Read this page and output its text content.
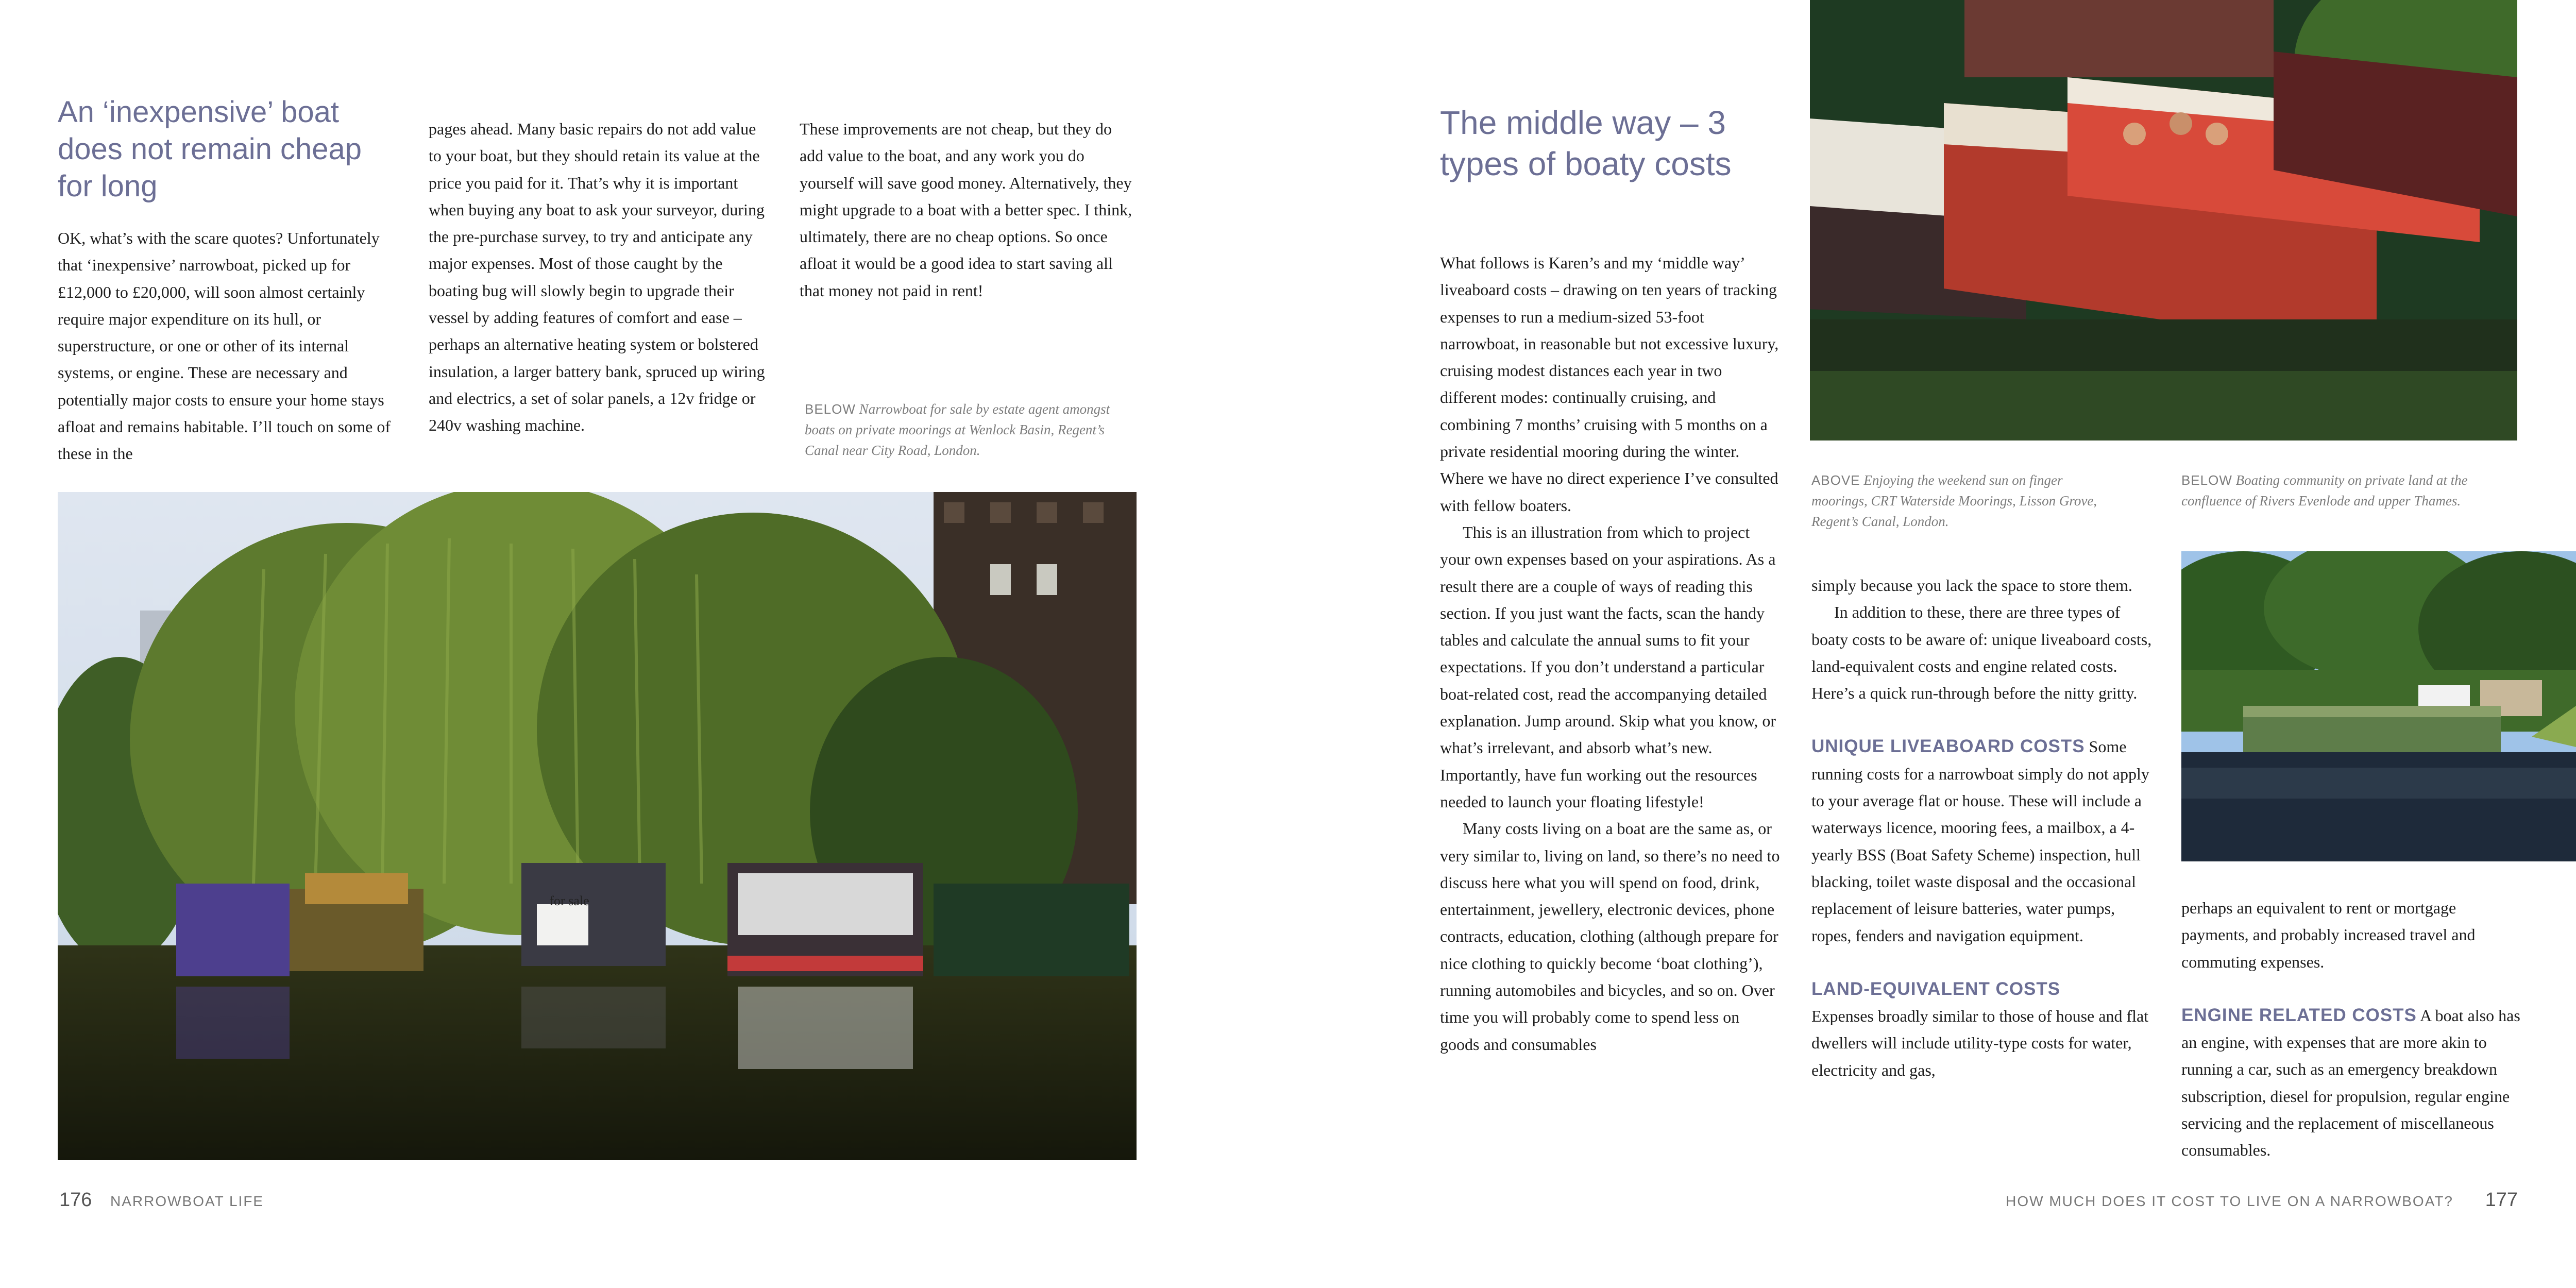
An ‘inexpensive’ boat does not remain cheap for long

OK, what’s with the scare quotes? Unfortunately that ‘inexpensive’ narrowboat, picked up for £12,000 to £20,000, will soon almost certainly require major expenditure on its hull, or superstructure, or one or other of its internal systems, or engine. These are necessary and potentially major costs to ensure your home stays afloat and remains habitable. I’ll touch on some of these in the

pages ahead. Many basic repairs do not add value to your boat, but they should retain its value at the price you paid for it. That’s why it is important when buying any boat to ask your surveyor, during the pre-purchase survey, to try and anticipate any major expenses. Most of those caught by the boating bug will slowly begin to upgrade their vessel by adding features of comfort and ease – perhaps an alternative heating system or bolstered insulation, a larger battery bank, spruced up wiring and electrics, a set of solar panels, a 12v fridge or 240v washing machine.

These improvements are not cheap, but they do add value to the boat, and any work you do yourself will save good money. Alternatively, they might upgrade to a boat with a better spec. I think, ultimately, there are no cheap options. So once afloat it would be a good idea to start saving all that money not paid in rent!

BELOW Narrowboat for sale by estate agent amongst boats on private moorings at Wenlock Basin, Regent’s Canal near City Road, London.
for sale
176 NARROWBOAT LIFE
The middle way – 3 types of boaty costs

What follows is Karen’s and my ‘middle way’ liveaboard costs – drawing on ten years of tracking expenses to run a medium-sized 53-foot narrowboat, in reasonable but not excessive luxury, cruising modest distances each year in two different modes: continually cruising, and combining 7 months’ cruising with 5 months on a private residential mooring during the winter. Where we have no direct experience I’ve consulted with fellow boaters.

This is an illustration from which to project your own expenses based on your aspirations. As a result there are a couple of ways of reading this section. If you just want the facts, scan the handy tables and calculate the annual sums to fit your expectations. If you don’t understand a particular boat-related cost, read the accompanying detailed explanation. Jump around. Skip what you know, or what’s irrelevant, and absorb what’s new. Importantly, have fun working out the resources needed to launch your floating lifestyle!

Many costs living on a boat are the same as, or very similar to, living on land, so there’s no need to discuss here what you will spend on food, drink, entertainment, jewellery, electronic devices, phone contracts, education, clothing (although prepare for nice clothing to quickly become ‘boat clothing’), running automobiles and bicycles, and so on. Over time you will probably come to spend less on goods and consumables

ABOVE Enjoying the weekend sun on finger moorings, CRT Waterside Moorings, Lisson Grove, Regent’s Canal, London.
BELOW Boating community on private land at the confluence of Rivers Evenlode and upper Thames.

simply because you lack the space to store them.

In addition to these, there are three types of boaty costs to be aware of: unique liveaboard costs, land-equivalent costs and engine related costs. Here’s a quick run-through before the nitty gritty.

UNIQUE LIVEABOARD COSTS Some running costs for a narrowboat simply do not apply to your average flat or house. These will include a waterways licence, mooring fees, a mailbox, a 4-yearly BSS (Boat Safety Scheme) inspection, hull blacking, toilet waste disposal and the occasional replacement of leisure batteries, water pumps, ropes, fenders and navigation equipment.

LAND-EQUIVALENT COSTS

Expenses broadly similar to those of house and flat dwellers will include utility-type costs for water, electricity and gas,

perhaps an equivalent to rent or mortgage payments, and probably increased travel and commuting expenses.

ENGINE RELATED COSTS A boat also has an engine, with expenses that are more akin to running a car, such as an emergency breakdown subscription, diesel for propulsion, regular engine servicing and the replacement of miscellaneous consumables.

HOW MUCH DOES IT COST TO LIVE ON A NARROWBOAT? 177
